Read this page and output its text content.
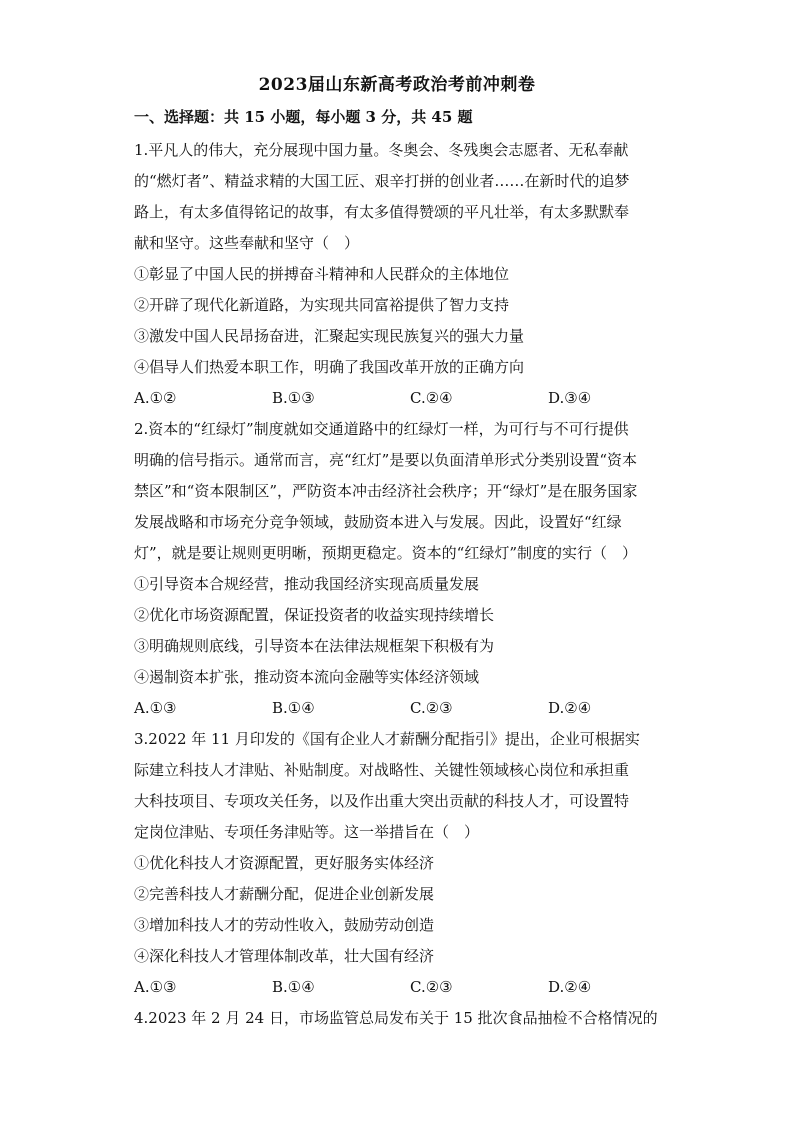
2023届山东新高考政治考前冲刺卷
一、选择题：共 15 小题，每小题 3 分，共 45 题
1.平凡人的伟大，充分展现中国力量。冬奥会、冬残奥会志愿者、无私奉献
的“燃灯者”、精益求精的大国工匠、艰辛打拼的创业者……在新时代的追梦
路上，有太多值得铭记的故事，有太多值得赞颂的平凡壮举，有太多默默奉
献和坚守。这些奉献和坚守（　）
①彰显了中国人民的拼搏奋斗精神和人民群众的主体地位
②开辟了现代化新道路，为实现共同富裕提供了智力支持
③激发中国人民昂扬奋进，汇聚起实现民族复兴的强大力量
④倡导人们热爱本职工作，明确了我国改革开放的正确方向
A.①②	B.①③	C.②④	D.③④
2.资本的“红绿灯”制度就如交通道路中的红绿灯一样，为可行与不可行提供
明确的信号指示。通常而言，亮“红灯”是要以负面清单形式分类别设置“资本
禁区”和“资本限制区”，严防资本冲击经济社会秩序；开“绿灯”是在服务国家
发展战略和市场充分竞争领域，鼓励资本进入与发展。因此，设置好“红绿
灯”，就是要让规则更明晰，预期更稳定。资本的“红绿灯”制度的实行（　）
①引导资本合规经营，推动我国经济实现高质量发展
②优化市场资源配置，保证投资者的收益实现持续增长
③明确规则底线，引导资本在法律法规框架下积极有为
④遏制资本扩张，推动资本流向金融等实体经济领域
A.①③	B.①④	C.②③	D.②④
3.2022 年 11 月印发的《国有企业人才薪酬分配指引》提出，企业可根据实
际建立科技人才津贴、补贴制度。对战略性、关键性领域核心岗位和承担重
大科技项目、专项攻关任务，以及作出重大突出贡献的科技人才，可设置特
定岗位津贴、专项任务津贴等。这一举措旨在（　）
①优化科技人才资源配置，更好服务实体经济
②完善科技人才薪酬分配，促进企业创新发展
③增加科技人才的劳动性收入，鼓励劳动创造
④深化科技人才管理体制改革，壮大国有经济
A.①③	B.①④	C.②③	D.②④
4.2023 年 2 月 24 日，市场监管总局发布关于 15 批次食品抽检不合格情况的
